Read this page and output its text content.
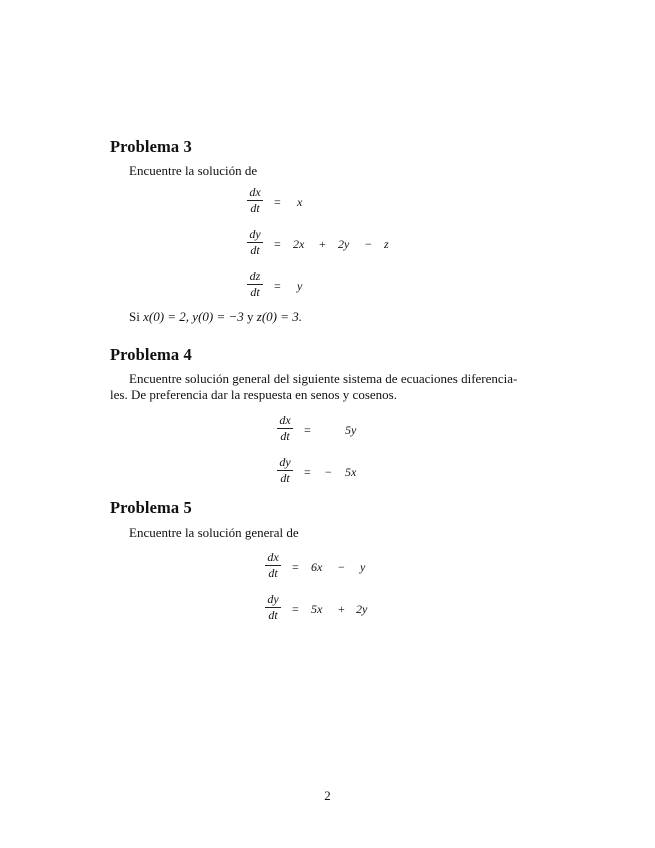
Problema 3

Encuentre la solución de

dx
dt = x
dy
dt = 2x + 2y − z
dz
dt = y

Si x(0) = 2, y(0) = −3 y z(0) = 3.

Problema 4

Encuentre solución general del siguiente sistema de ecuaciones diferencia-

les. De preferencia dar la respuesta en senos y cosenos.

dx
dt =	5y
dy
dt = − 5x
Problema 5

Encuentre la solución general de

dx
dt = 6x − y
dy
dt = 5x + 2y
2
